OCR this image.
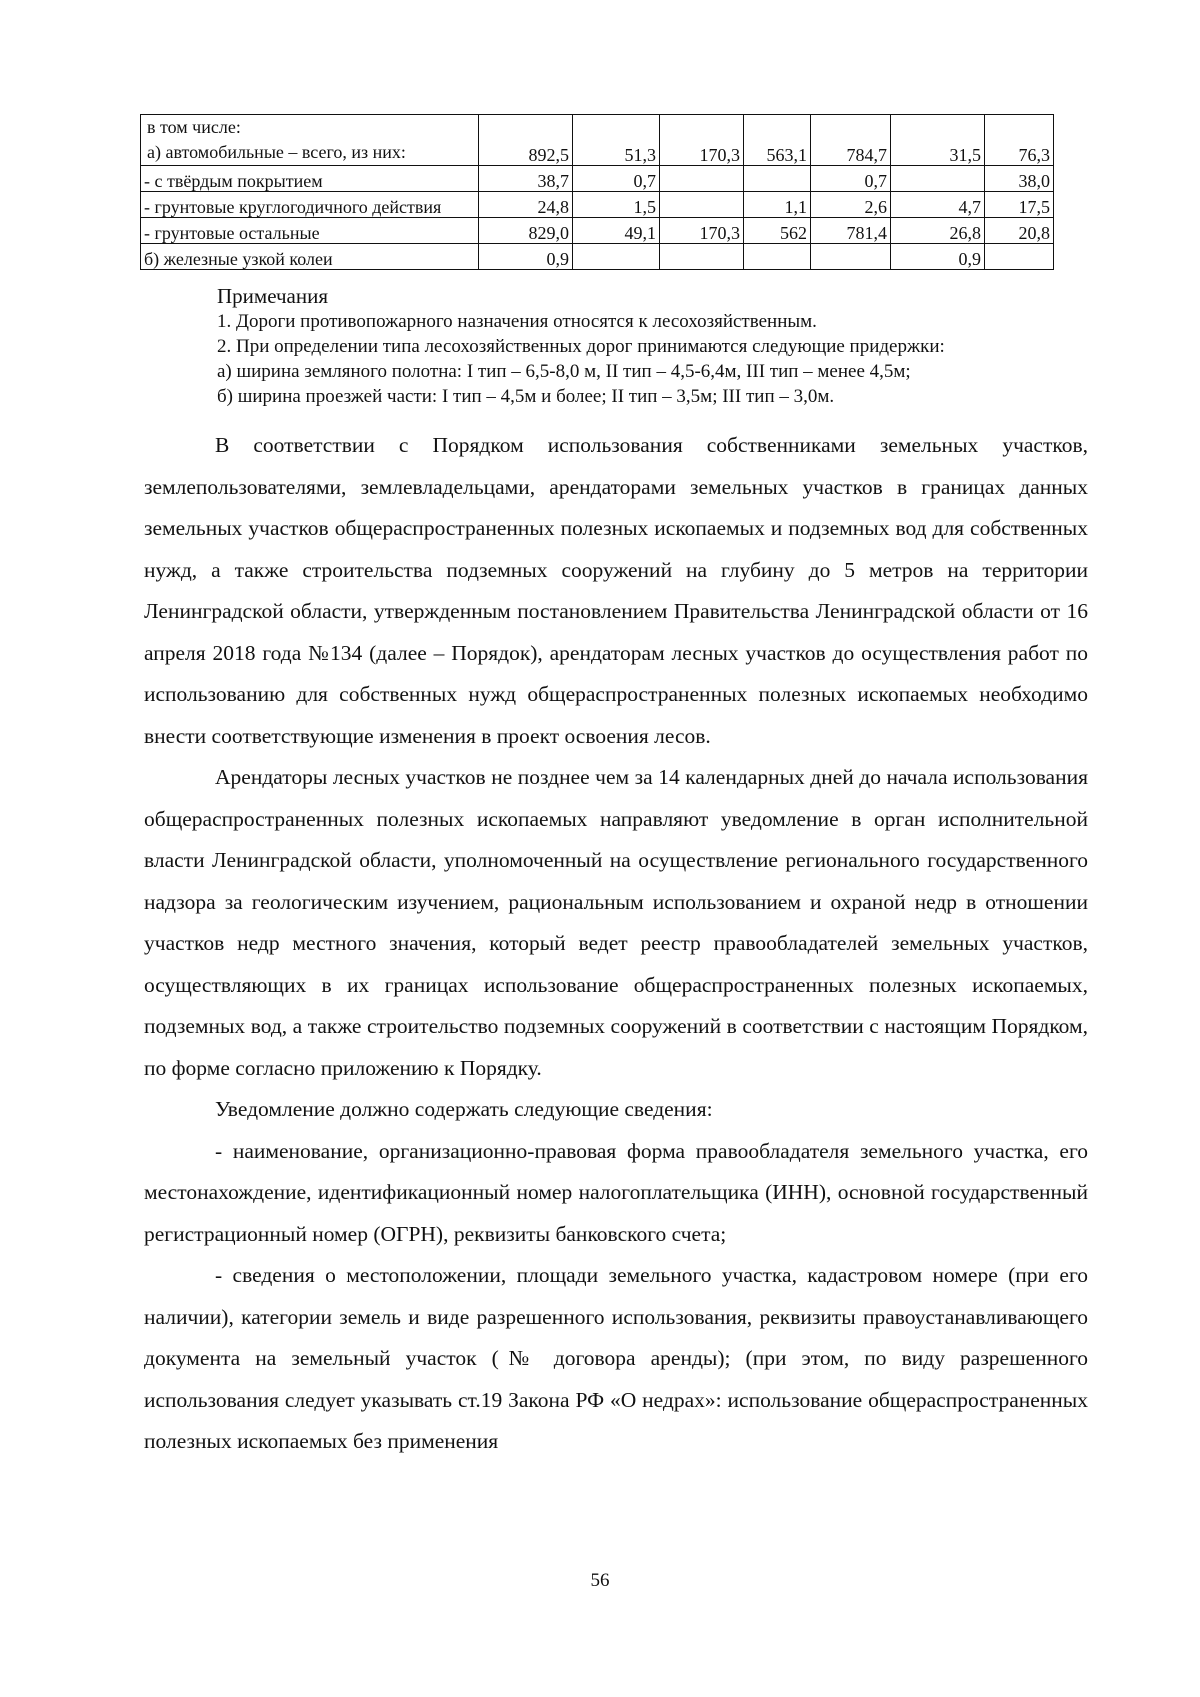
в том числе:
а) автомобильные – всего, из них:	892,5	51,3	170,3	563,1	784,7	31,5	76,3
- с твёрдым покрытием	38,7	0,7			0,7		38,0
- грунтовые круглогодичного действия	24,8	1,5		1,1	2,6	4,7	17,5
- грунтовые остальные	829,0	49,1	170,3	562	781,4	26,8	20,8
б) железные узкой колеи	0,9					0,9	
Примечания
1. Дороги противопожарного назначения относятся к лесохозяйственным.
2. При определении типа лесохозяйственных дорог принимаются следующие придержки:
а) ширина земляного полотна: I тип – 6,5-8,0 м, II тип – 4,5-6,4м, III тип – менее 4,5м;
б) ширина проезжей части: I тип – 4,5м и более; II тип – 3,5м; III тип – 3,0м.

В соответствии с Порядком использования собственниками земельных участков, землепользователями, землевладельцами, арендаторами земельных участков в границах данных земельных участков общераспространенных полезных ископаемых и подземных вод для собственных нужд, а также строительства подземных сооружений на глубину до 5 метров на территории Ленинградской области, утвержденным постановлением Правительства Ленинградской области от 16 апреля 2018 года №134 (далее – Порядок), арендаторам лесных участков до осуществления работ по использованию для собственных нужд общераспространенных полезных ископаемых необходимо внести соответствующие изменения в проект освоения лесов.

Арендаторы лесных участков не позднее чем за 14 календарных дней до начала использования общераспространенных полезных ископаемых направляют уведомление в орган исполнительной власти Ленинградской области, уполномоченный на осуществление регионального государственного надзора за геологическим изучением, рациональным использованием и охраной недр в отношении участков недр местного значения, который ведет реестр правообладателей земельных участков, осуществляющих в их границах использование общераспространенных полезных ископаемых, подземных вод, а также строительство подземных сооружений в соответствии с настоящим Порядком, по форме согласно приложению к Порядку.

Уведомление должно содержать следующие сведения:

- наименование, организационно-правовая форма правообладателя земельного участка, его местонахождение, идентификационный номер налогоплательщика (ИНН), основной государственный регистрационный номер (ОГРН), реквизиты банковского счета;

- сведения о местоположении, площади земельного участка, кадастровом номере (при его наличии), категории земель и виде разрешенного использования, реквизиты правоустанавливающего документа на земельный участок (№ договора аренды); (при этом, по виду разрешенного использования следует указывать ст.19 Закона РФ «О недрах»: использование общераспространенных полезных ископаемых без применения

56
